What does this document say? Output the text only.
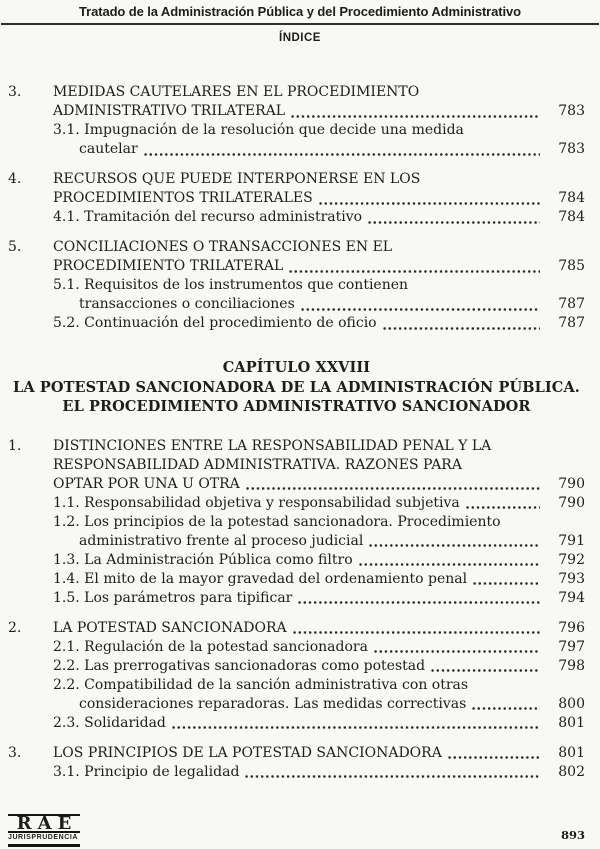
Tratado de la Administración Pública y del Procedimiento Administrativo
ÍNDICE
3.	MEDIDAS CAUTELARES EN EL PROCEDIMIENTO
ADMINISTRATIVO TRILATERAL	783
3.1. Impugnación de la resolución que decide una medida
cautelar	783
4.	RECURSOS QUE PUEDE INTERPONERSE EN LOS
PROCEDIMIENTOS TRILATERALES	784
4.1. Tramitación del recurso administrativo	784
5.	CONCILIACIONES O TRANSACCIONES EN EL
PROCEDIMIENTO TRILATERAL	785
5.1. Requisitos de los instrumentos que contienen
transacciones o conciliaciones	787
5.2. Continuación del procedimiento de oficio	787
CAPÍTULO XXVIII
LA POTESTAD SANCIONADORA DE LA ADMINISTRACIÓN PÚBLICA.
EL PROCEDIMIENTO ADMINISTRATIVO SANCIONADOR
1.	DISTINCIONES ENTRE LA RESPONSABILIDAD PENAL Y LA
RESPONSABILIDAD ADMINISTRATIVA. RAZONES PARA
OPTAR POR UNA U OTRA	790
1.1. Responsabilidad objetiva y responsabilidad subjetiva	790
1.2. Los principios de la potestad sancionadora. Procedimiento
administrativo frente al proceso judicial	791
1.3. La Administración Pública como filtro	792
1.4. El mito de la mayor gravedad del ordenamiento penal	793
1.5. Los parámetros para tipificar	794
2.	LA POTESTAD SANCIONADORA	796
2.1. Regulación de la potestad sancionadora	797
2.2. Las prerrogativas sancionadoras como potestad	798
2.2. Compatibilidad de la sanción administrativa con otras
consideraciones reparadoras. Las medidas correctivas	800
2.3. Solidaridad	801
3.	LOS PRINCIPIOS DE LA POTESTAD SANCIONADORA	801
3.1. Principio de legalidad	802
RAE
JURISPRUDENCIA	893
